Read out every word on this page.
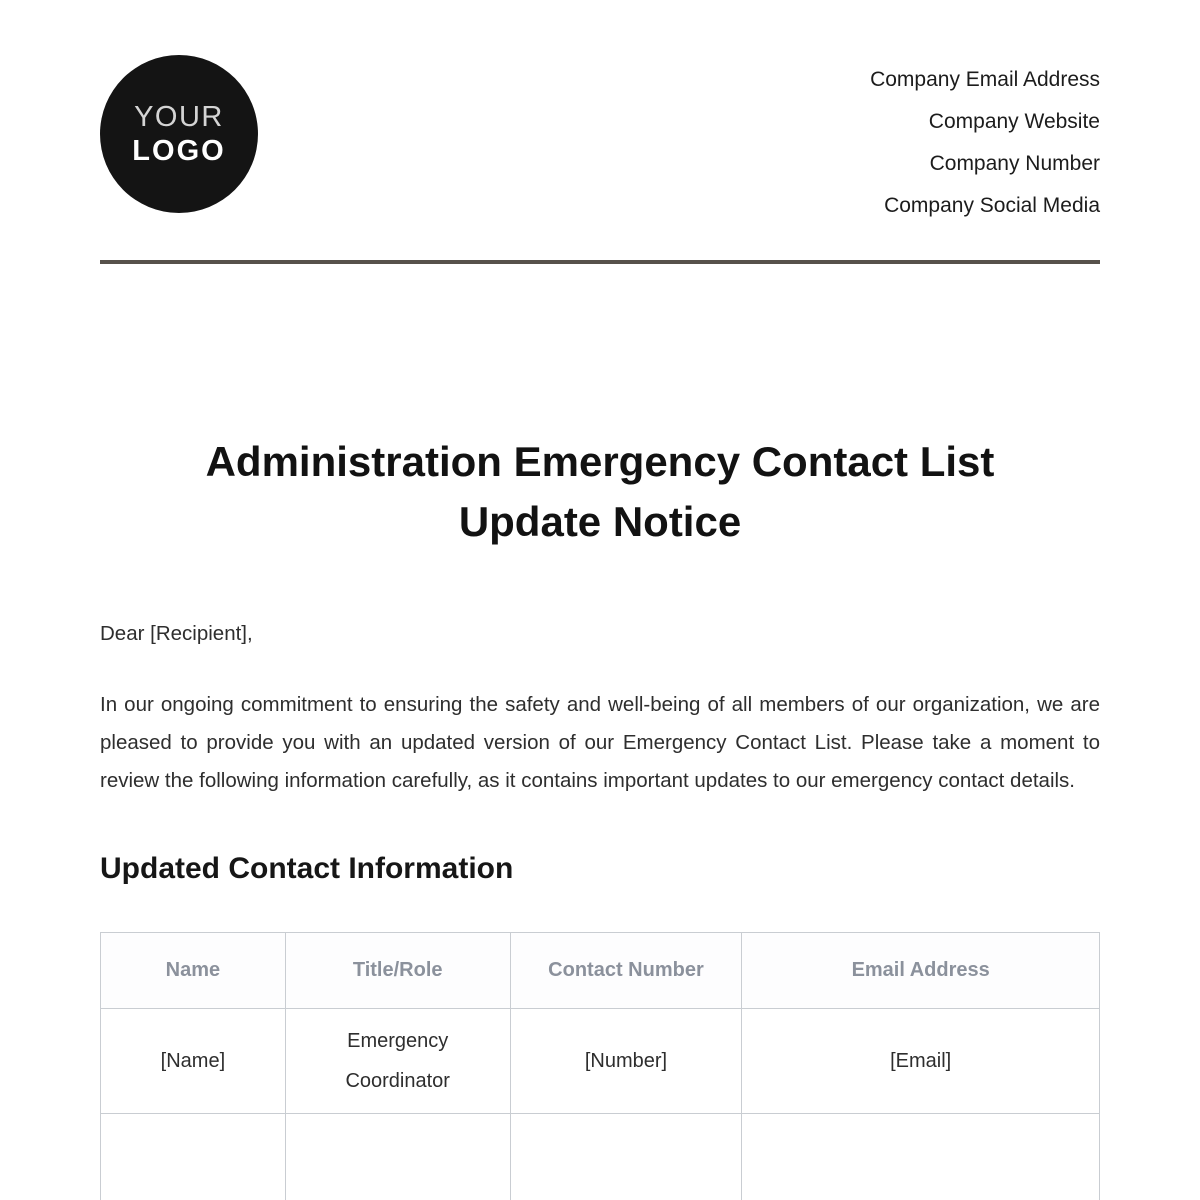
YOUR
LOGO
Company Email Address
Company Website
Company Number
Company Social Media
Administration Emergency Contact List
Update Notice

Dear [Recipient],

In our ongoing commitment to ensuring the safety and well-being of all members of our organization, we are pleased to provide you with an updated version of our Emergency Contact List. Please take a moment to review the following information carefully, as it contains important updates to our emergency contact details.

Updated Contact Information
Name	Title/Role	Contact Number	Email Address
[Name]	Emergency Coordinator	[Number]	[Email]
